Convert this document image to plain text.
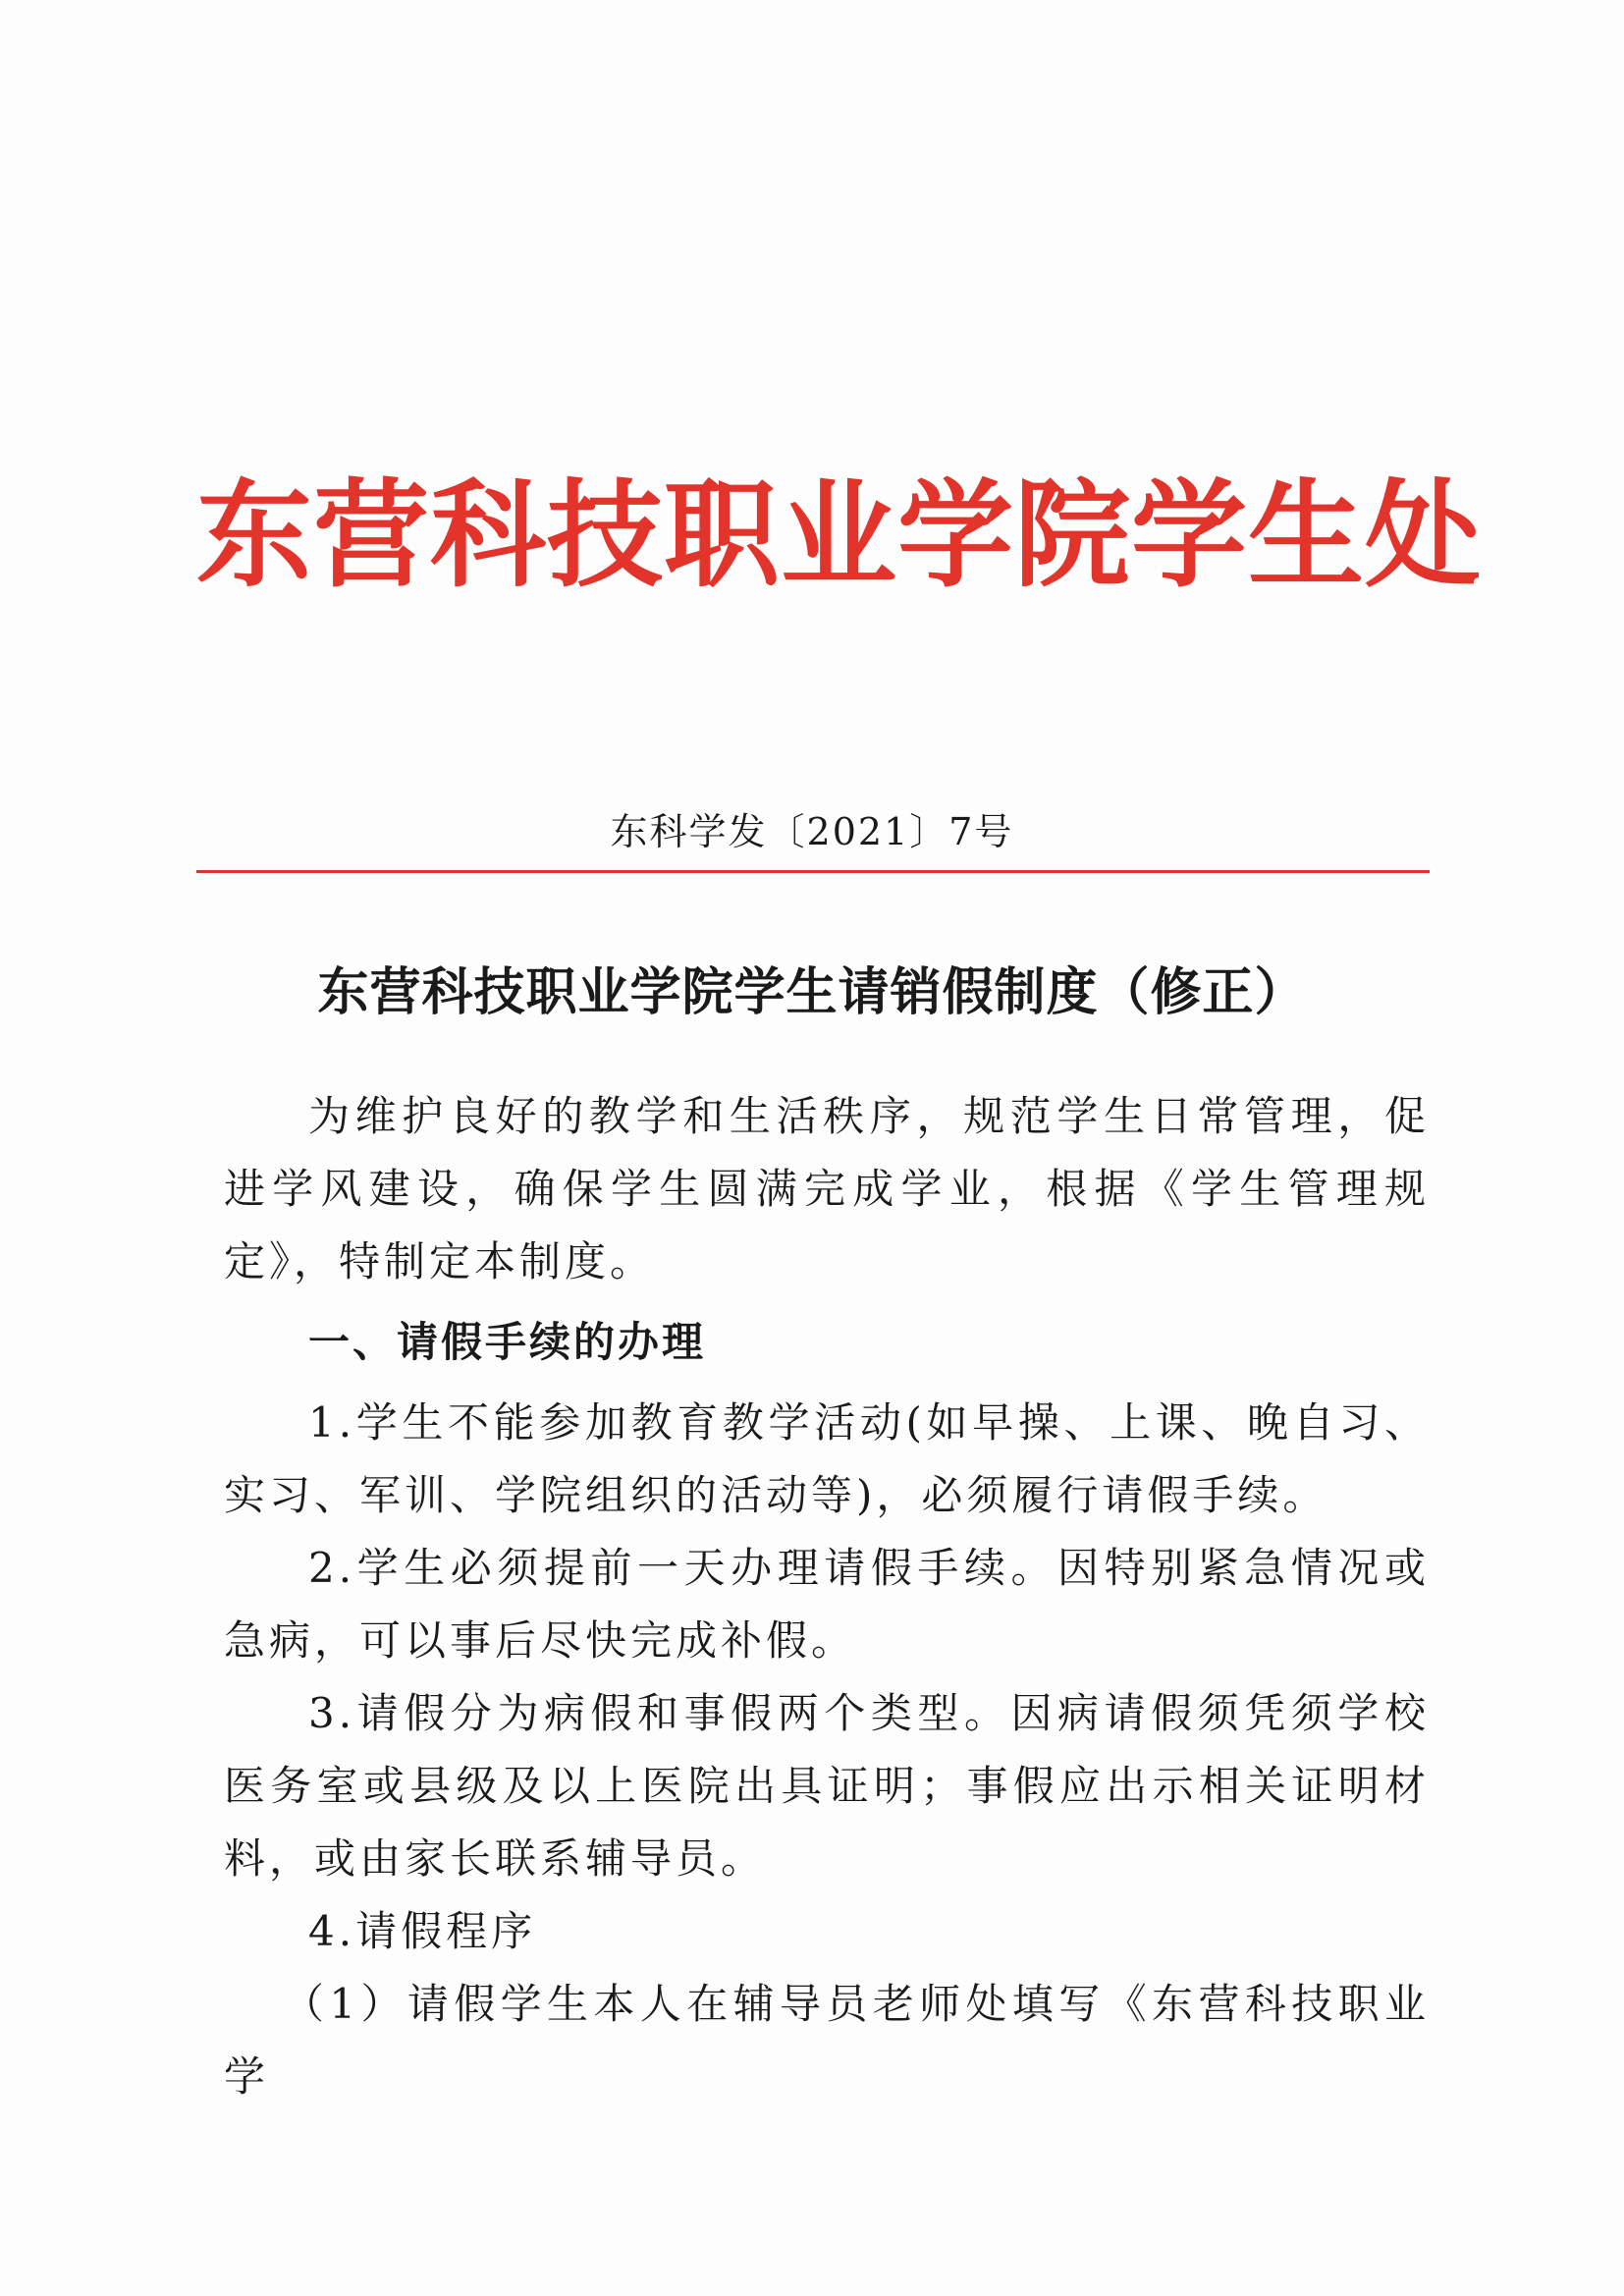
东营科技职业学院学生处
东科学发〔2021〕7号
东营科技职业学院学生请销假制度（修正）

为维护良好的教学和生活秩序，规范学生日常管理，促进学风建设，确保学生圆满完成学业，根据《学生管理规定》，特制定本制度。

一、请假手续的办理

1.学生不能参加教育教学活动(如早操、上课、晚自习、实习、军训、学院组织的活动等)，必须履行请假手续。

2.学生必须提前一天办理请假手续。因特别紧急情况或急病，可以事后尽快完成补假。

3.请假分为病假和事假两个类型。因病请假须凭须学校医务室或县级及以上医院出具证明；事假应出示相关证明材料，或由家长联系辅导员。

4.请假程序

（1）请假学生本人在辅导员老师处填写《东营科技职业学
